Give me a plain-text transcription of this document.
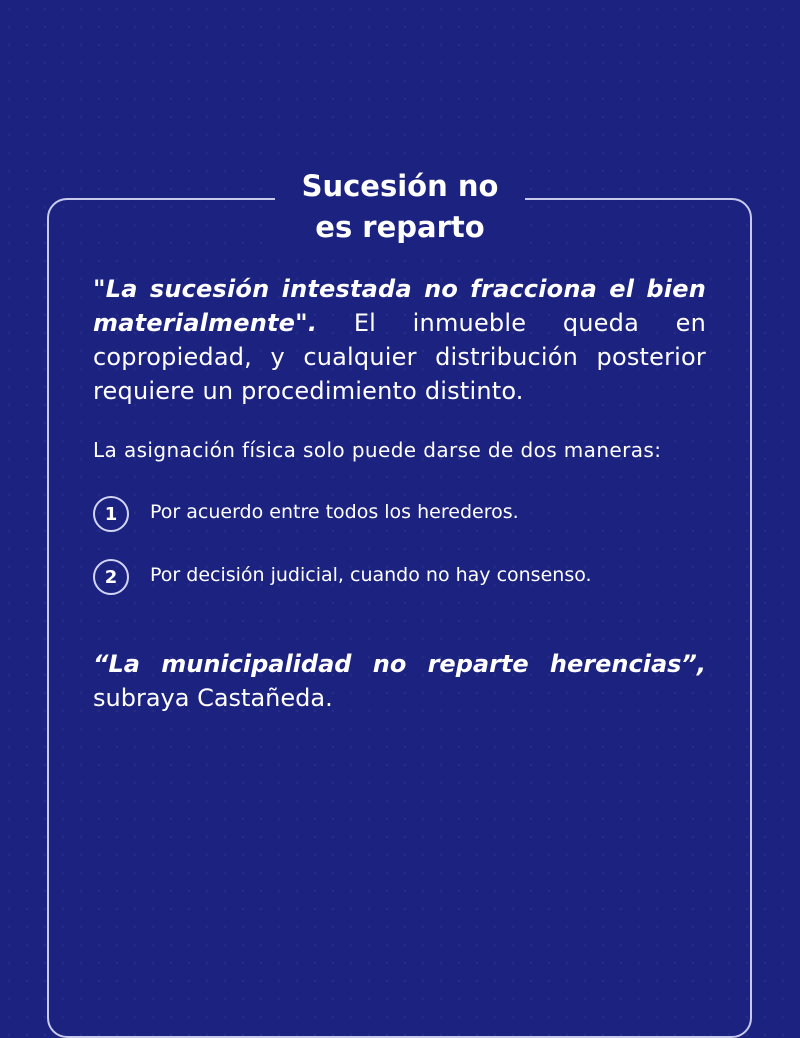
Sucesión no
es reparto

"La sucesión intestada no fracciona el bien materialmente". El inmueble queda en copropiedad, y cualquier distribución posterior requiere un procedimiento distinto.

La asignación física solo puede darse de dos maneras:

1	Por acuerdo entre todos los herederos.
2	Por decisión judicial, cuando no hay consenso.

“La municipalidad no reparte herencias”,
subraya Castañeda.
